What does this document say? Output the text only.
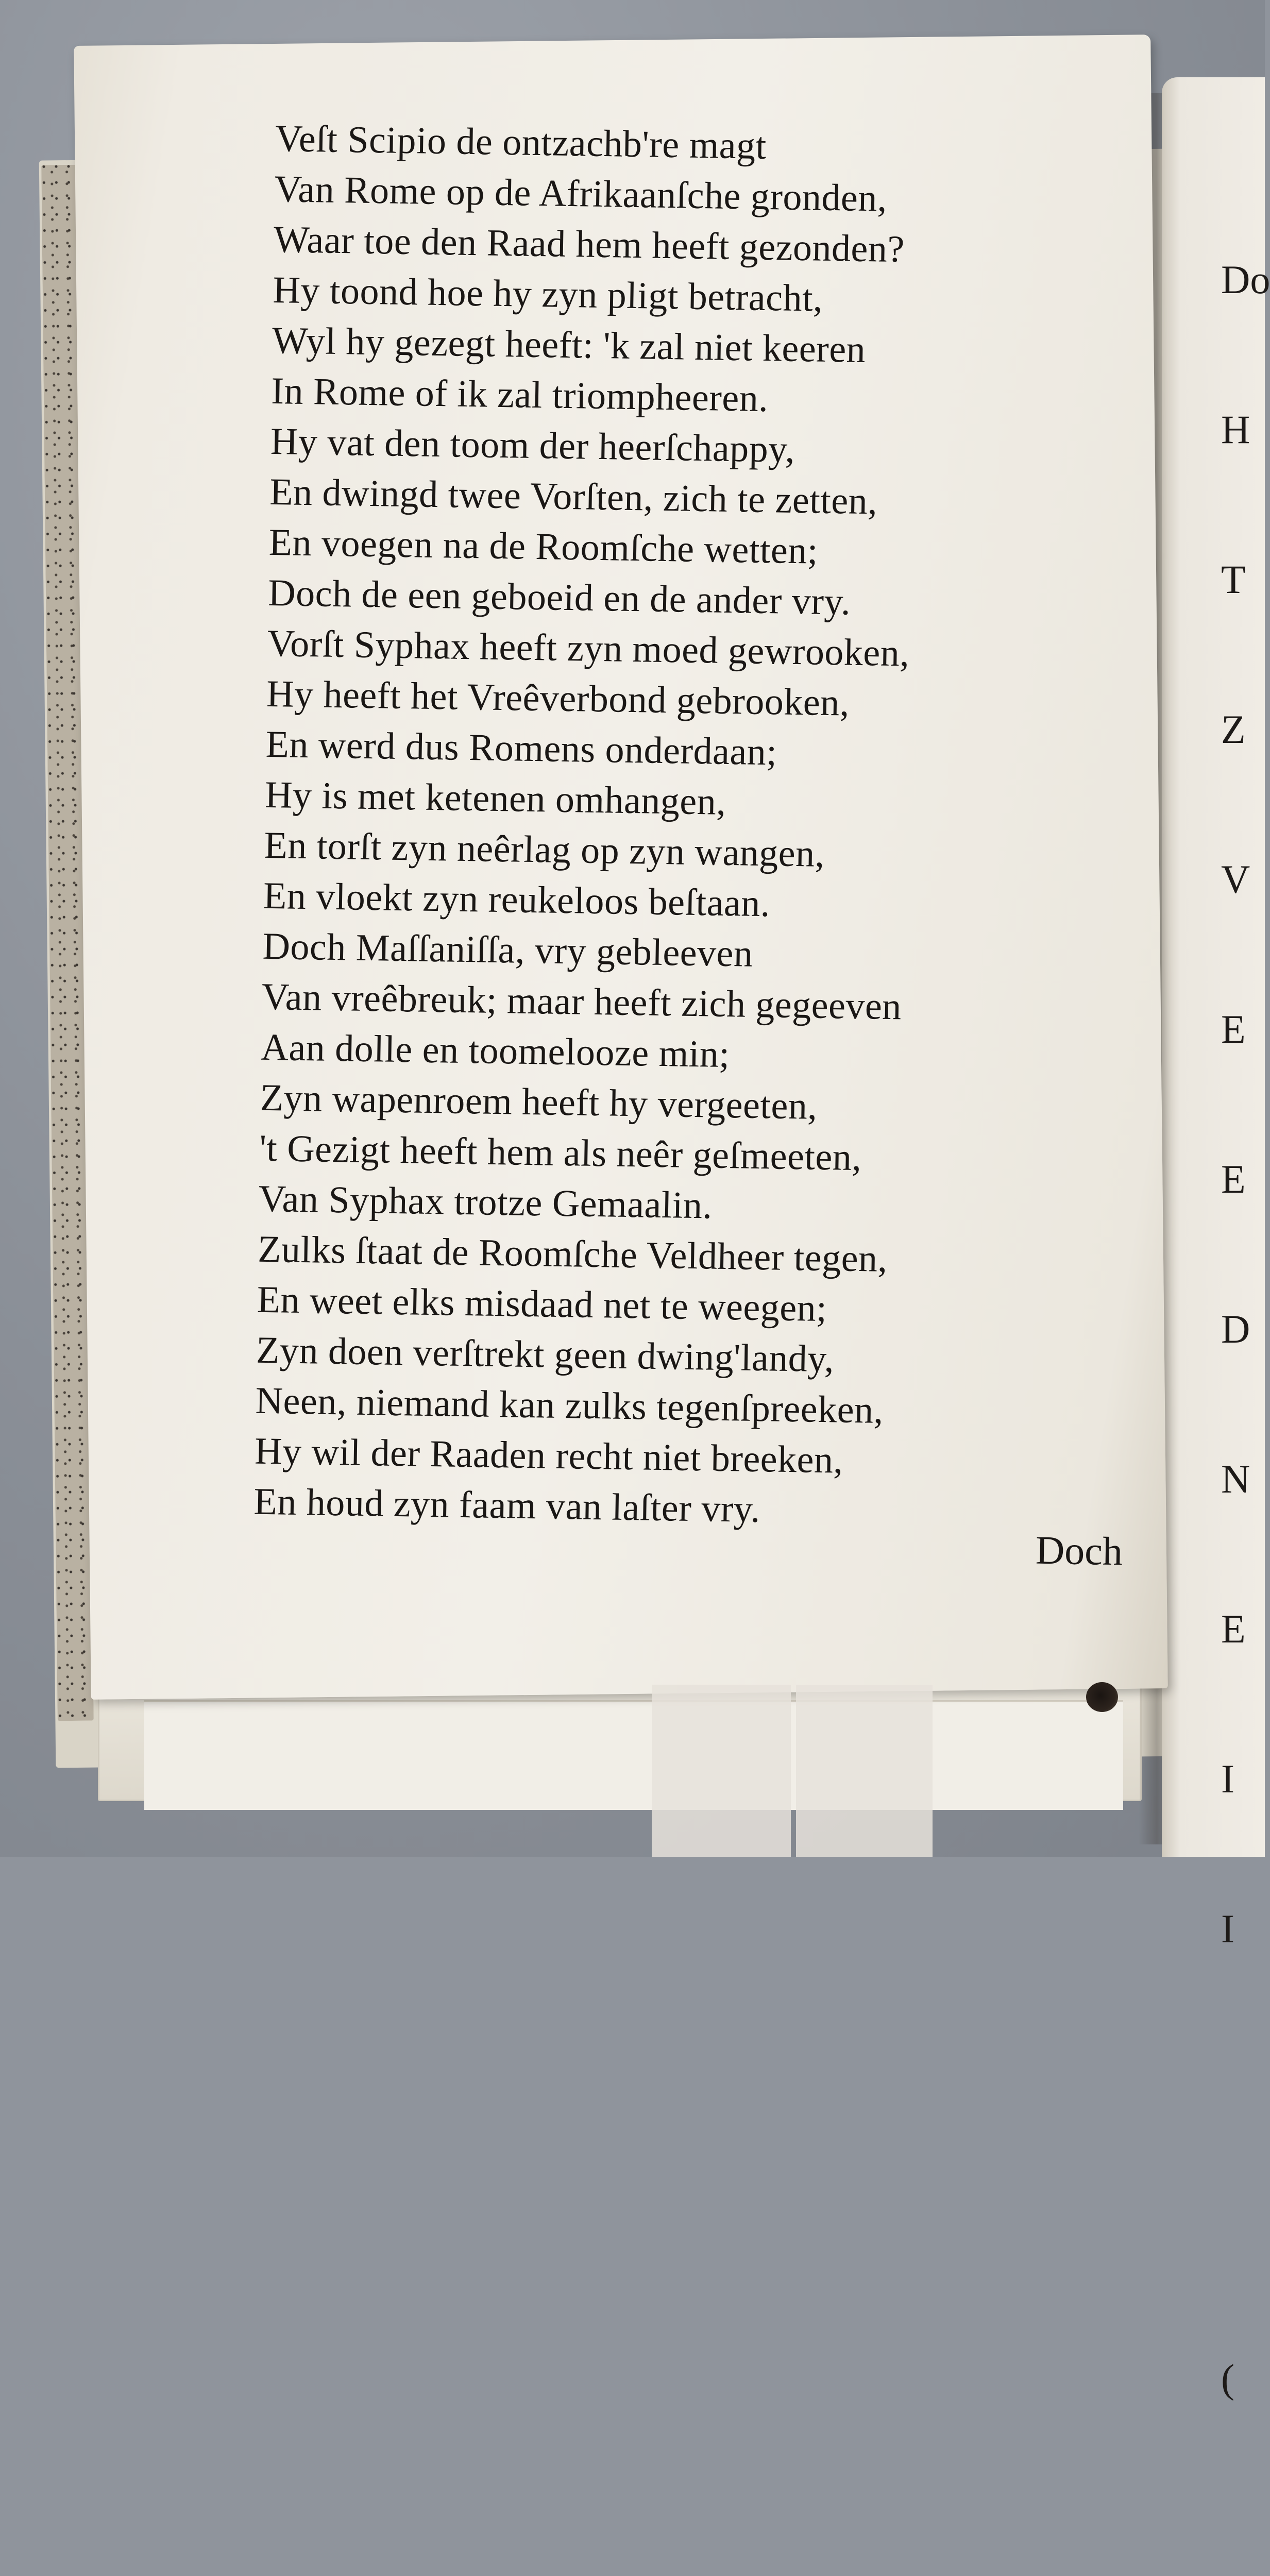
Do

H

T

Z

V

E

E

D

N

E

I

I

(

Veſt Scipio de ontzachb're magt
Van Rome op de Afrikaanſche gronden,
Waar toe den Raad hem heeft gezonden?
Hy toond hoe hy zyn pligt betracht,
Wyl hy gezegt heeft: 'k zal niet keeren
In Rome of ik zal triompheeren.
Hy vat den toom der heerſchappy,
En dwingd twee Vorſten, zich te zetten,
En voegen na de Roomſche wetten;
Doch de een geboeid en de ander vry.
Vorſt Syphax heeft zyn moed gewrooken,
Hy heeft het Vreêverbond gebrooken,
En werd dus Romens onderdaan;
Hy is met ketenen omhangen,
En torſt zyn neêrlag op zyn wangen,
En vloekt zyn reukeloos beſtaan.
Doch Maſſaniſſa, vry gebleeven
Van vreêbreuk; maar heeft zich gegeeven
Aan dolle en toomelooze min;
Zyn wapenroem heeft hy vergeeten,
't Gezigt heeft hem als neêr geſmeeten,
Van Syphax trotze Gemaalin.
Zulks ſtaat de Roomſche Veldheer tegen,
En weet elks misdaad net te weegen;
Zyn doen verſtrekt geen dwing'landy,
Neen, niemand kan zulks tegenſpreeken,
Hy wil der Raaden recht niet breeken,
En houd zyn faam van laſter vry.
Doch
